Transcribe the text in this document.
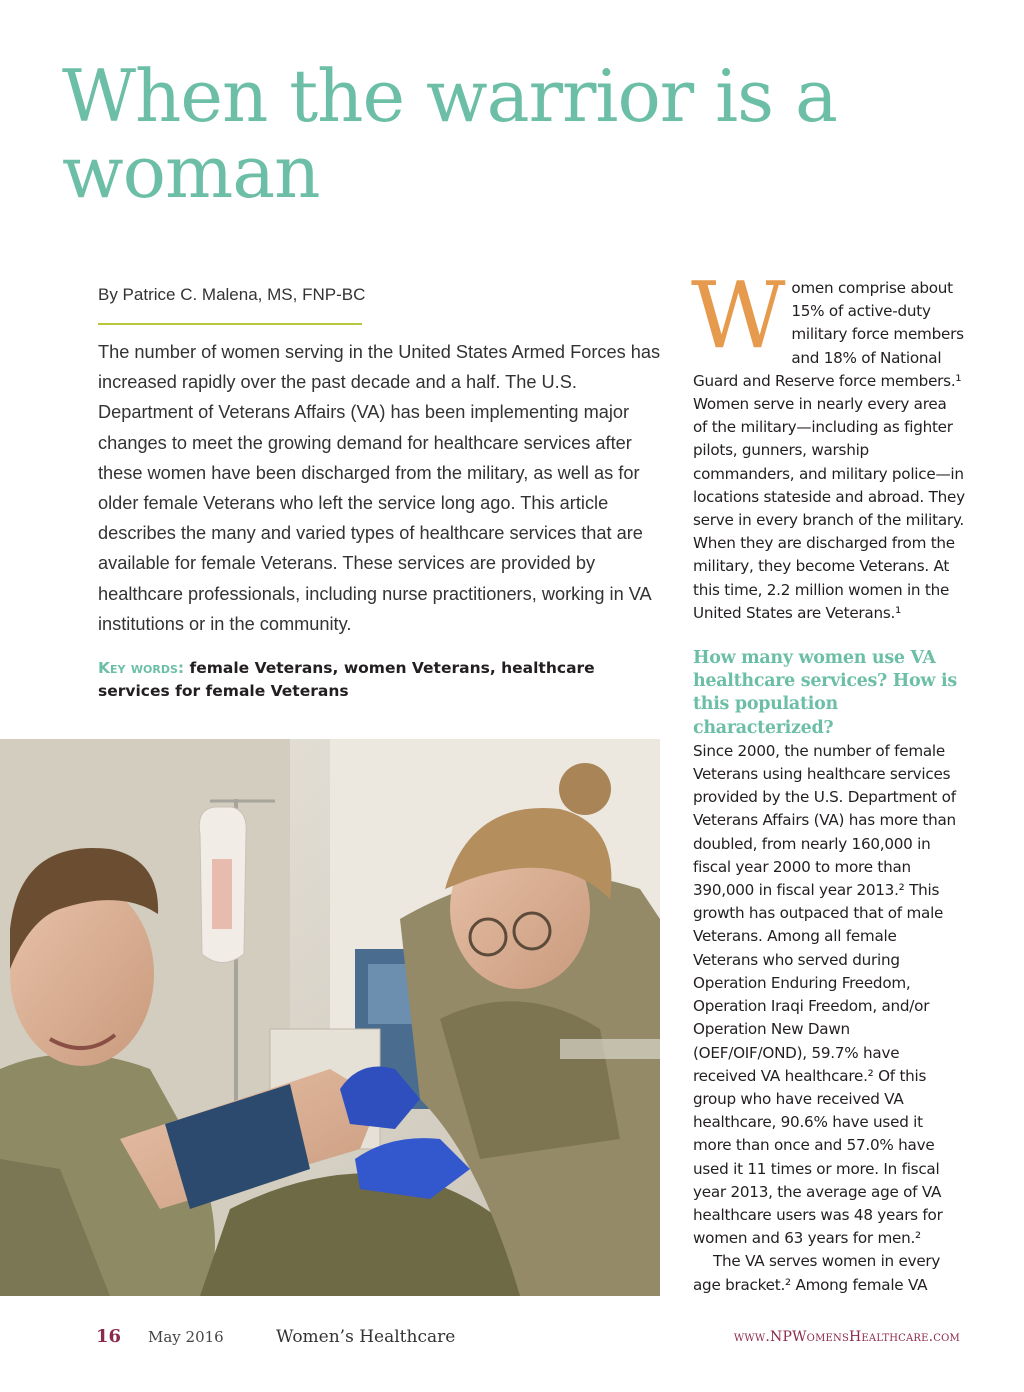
When the warrior is a woman

By Patrice C. Malena, MS, FNP-BC

The number of women serving in the United States Armed Forces has increased rapidly over the past decade and a half. The U.S. Department of Veterans Affairs (VA) has been implementing major changes to meet the growing demand for healthcare services after these women have been discharged from the military, as well as for older female Veterans who left the service long ago. This article describes the many and varied types of healthcare services that are available for female Veterans. These services are provided by healthcare professionals, including nurse practitioners, working in VA institutions or in the community.

Key words: female Veterans, women Veterans, healthcare services for female Veterans

Women comprise about 15% of active-duty military force members and 18% of National Guard and Reserve force members.¹ Women serve in nearly every area of the military—including as fighter pilots, gunners, warship commanders, and military police—in locations stateside and abroad. They serve in every branch of the military. When they are discharged from the military, they become Veterans. At this time, 2.2 million women in the United States are Veterans.¹

How many women use VA healthcare services? How is this population characterized?

Since 2000, the number of female Veterans using healthcare services provided by the U.S. Department of Veterans Affairs (VA) has more than doubled, from nearly 160,000 in fiscal year 2000 to more than 390,000 in fiscal year 2013.² This growth has outpaced that of male Veterans. Among all female Veterans who served during Operation Enduring Freedom, Operation Iraqi Freedom, and/or Operation New Dawn (OEF/OIF/OND), 59.7% have received VA healthcare.² Of this group who have received VA healthcare, 90.6% have used it more than once and 57.0% have used it 11 times or more. In fiscal year 2013, the average age of VA healthcare users was 48 years for women and 63 years for men.²

The VA serves women in every age bracket.² Among female VA

16 May 2016	Women’s Healthcare	www.NPWomensHealthcare.com
